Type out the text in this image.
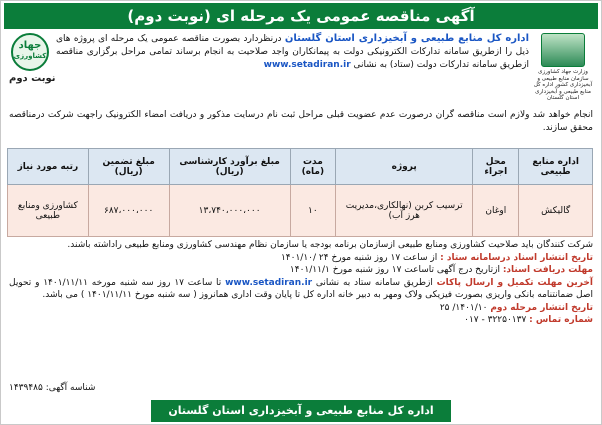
آگهی مناقصه عمومی یک مرحله ای (نوبت دوم)
جهاد
کشاورزی
نوبت دوم
وزارت جهاد کشاورزی سازمان منابع طبیعی و آبخیزداری کشور اداره کل منابع طبیعی و آبخیزداری استان گلستان
اداره کل منابع طبیعی و آبخیزداری استان گلستان درنظردارد بصورت مناقصه عمومی یک مرحله ای پروژه های ذیل را ازطریق سامانه تدارکات الکترونیکی دولت به پیمانکاران واجد صلاحیت به انجام برساند تمامی مراحل برگزاری مناقصه ازطریق سامانه تدارکات دولت (ستاد) به نشانی www.setadiran.ir
انجام خواهد شد ولازم است مناقصه گران درصورت عدم عضویت قبلی مراحل ثبت نام درسایت مذکور و دریافت امضاء الکترونیک راجهت شرکت درمناقصه محقق سازند.
اداره منابع طبیعی	محل اجراء	پروژه	مدت (ماه)	مبلغ برآورد کارشناسی (ریال)	مبلغ تضمین (ریال)	رتبه مورد نیاز
گالیکش	اوغان	ترسیب کربن (نهالکاری،مدیریت هرز آب)	۱۰	۱۳،۷۴۰،۰۰۰،۰۰۰	۶۸۷،۰۰۰،۰۰۰	کشاورزی ومنابع طبیعی
شرکت کنندگان باید صلاحیت کشاورزی ومنابع طبیعی ازسازمان برنامه بودجه یا سازمان نظام مهندسی کشاورزی ومنابع طبیعی راداشته باشند.
تاریخ انتشار اسناد درسامانه ستاد : از ساعت ۱۷ روز شنبه مورخ ۲۴ /۱۴۰۱/۱۰
مهلت دریافت اسناد: ازتاریخ درج آگهی تاساعت ۱۷ روز شنبه مورخ ۱۴۰۱/۱۱/۱
آخرین مهلت تکمیل و ارسال پاکات ازطریق سامانه ستاد به نشانی www.setadiran.ir تا ساعت ۱۷ روز سه شنبه مورخه ۱۴۰۱/۱۱/۱۱ و تحویل اصل ضمانتنامه بانکی واریزی بصورت فیزیکی ولاک ومهر به دبیر خانه اداره کل تا پایان وقت اداری همانروز ( سه شنبه مورخ ۱۴۰۱/۱۱/۱۱ ) می باشد.
تاریخ انتشار مرحله دوم ۱۴۰۱/۱۰/ ۲۵
شماره تماس : ۳۲۲۵۰۱۳۷ - ۰۱۷
شناسه آگهی: ۱۴۳۹۴۸۵
اداره کل منابع طبیعی و آبخیزداری استان گلستان
